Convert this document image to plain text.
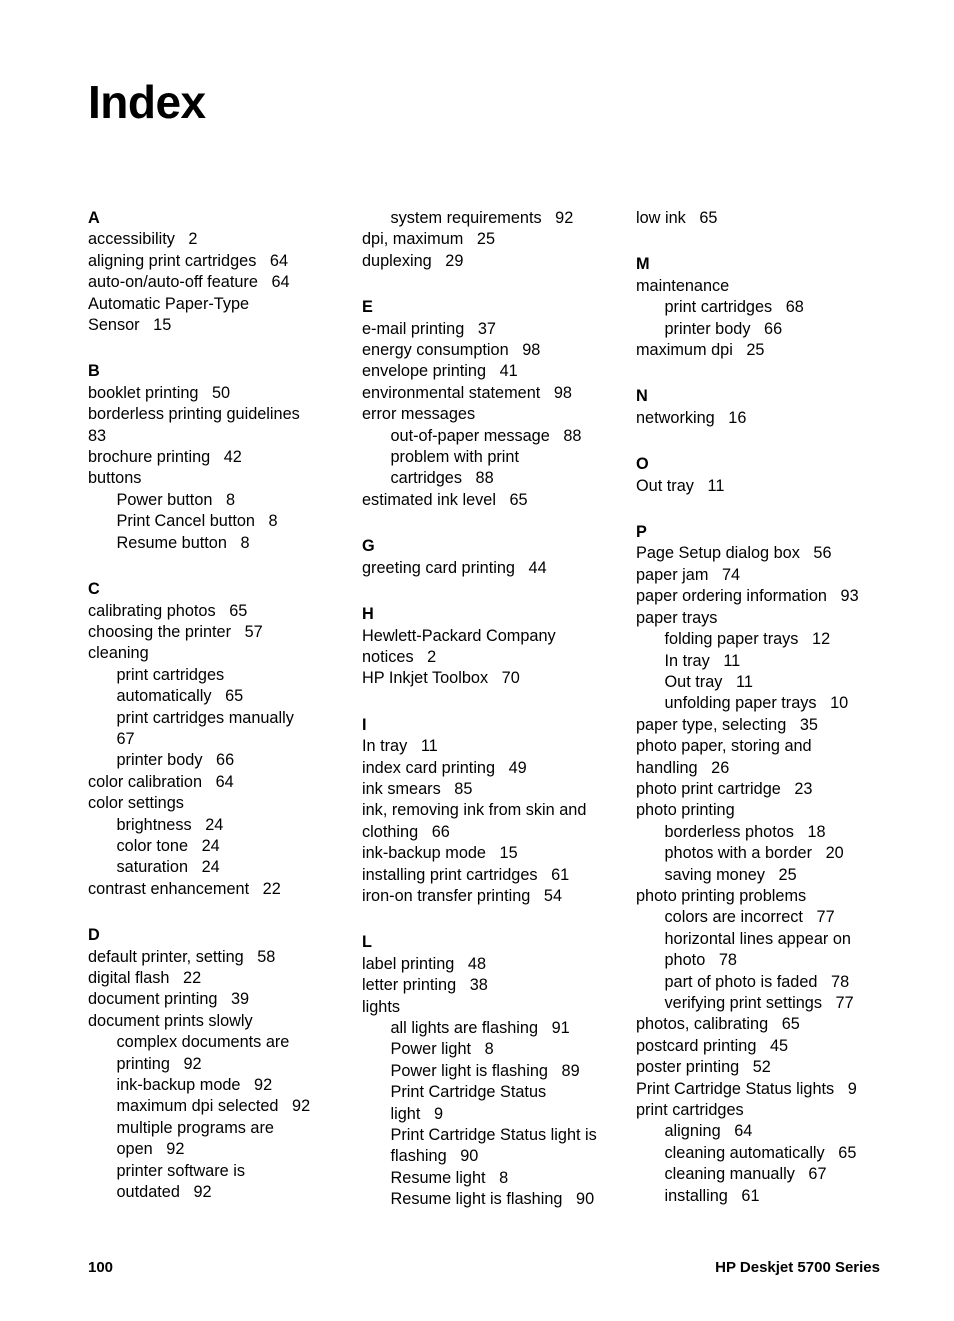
Index
A
accessibility   2
aligning print cartridges   64
auto-on/auto-off feature   64
Automatic Paper-Type
Sensor   15
B
booklet printing   50
borderless printing guidelines
83
brochure printing   42
buttons
Power button   8
Print Cancel button   8
Resume button   8
C
calibrating photos   65
choosing the printer   57
cleaning
print cartridges
automatically   65
print cartridges manually
67
printer body   66
color calibration   64
color settings
brightness   24
color tone   24
saturation   24
contrast enhancement   22
D
default printer, setting   58
digital flash   22
document printing   39
document prints slowly
complex documents are
printing   92
ink-backup mode   92
maximum dpi selected   92
multiple programs are
open   92
printer software is
outdated   92
system requirements   92
dpi, maximum   25
duplexing   29
E
e-mail printing   37
energy consumption   98
envelope printing   41
environmental statement   98
error messages
out-of-paper message   88
problem with print
cartridges   88
estimated ink level   65
G
greeting card printing   44
H
Hewlett-Packard Company
notices   2
HP Inkjet Toolbox   70
I
In tray   11
index card printing   49
ink smears   85
ink, removing ink from skin and
clothing   66
ink-backup mode   15
installing print cartridges   61
iron-on transfer printing   54
L
label printing   48
letter printing   38
lights
all lights are flashing   91
Power light   8
Power light is flashing   89
Print Cartridge Status
light   9
Print Cartridge Status light is
flashing   90
Resume light   8
Resume light is flashing   90
low ink   65
M
maintenance
print cartridges   68
printer body   66
maximum dpi   25
N
networking   16
O
Out tray   11
P
Page Setup dialog box   56
paper jam   74
paper ordering information   93
paper trays
folding paper trays   12
In tray   11
Out tray   11
unfolding paper trays   10
paper type, selecting   35
photo paper, storing and
handling   26
photo print cartridge   23
photo printing
borderless photos   18
photos with a border   20
saving money   25
photo printing problems
colors are incorrect   77
horizontal lines appear on
photo   78
part of photo is faded   78
verifying print settings   77
photos, calibrating   65
postcard printing   45
poster printing   52
Print Cartridge Status lights   9
print cartridges
aligning   64
cleaning automatically   65
cleaning manually   67
installing   61
100	HP Deskjet 5700 Series
